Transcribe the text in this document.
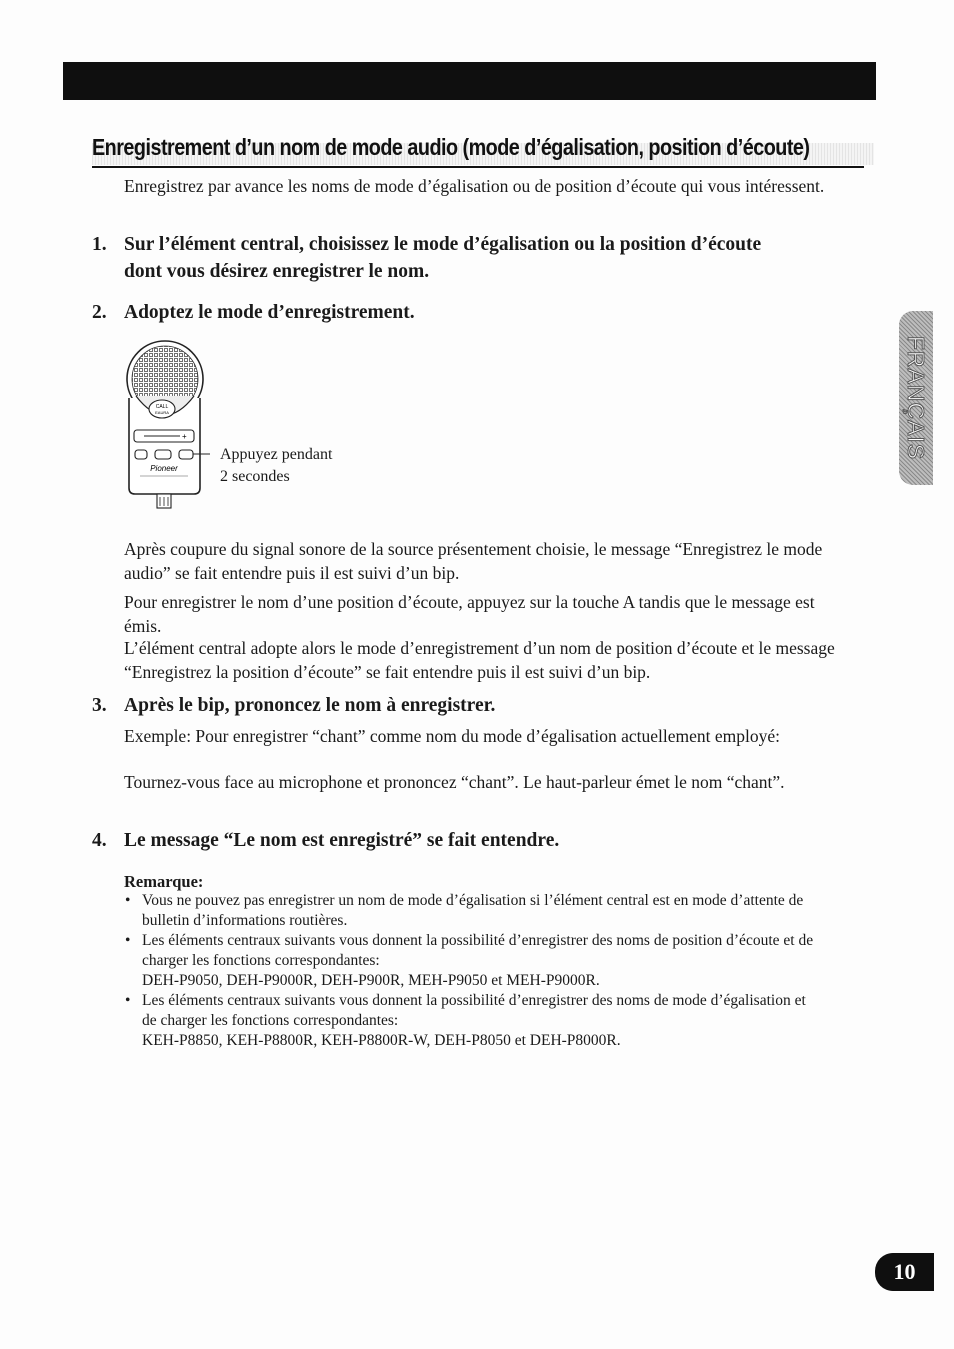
Enregistrement d’un nom de mode audio (mode d’égalisation, position d’écoute)
Enregistrez par avance les noms de mode d’égalisation ou de position d’écoute qui vous intéressent.
1. Sur l’élément central, choisissez le mode d’égalisation ou la position d’écoute dont vous désirez enregistrer le nom.
2. Adoptez le mode d’enregistrement.
CALL
EAURA
+
Pioneer
Appuyez pendant
2 secondes
Après coupure du signal sonore de la source présentement choisie, le message “Enregistrez le mode audio” se fait entendre puis il est suivi d’un bip.
Pour enregistrer le nom d’une position d’écoute, appuyez sur la touche A tandis que le message est émis.
L’élément central adopte alors le mode d’enregistrement d’un nom de position d’écoute et le message “Enregistrez la position d’écoute” se fait entendre puis il est suivi d’un bip.
3. Après le bip, prononcez le nom à enregistrer.
Exemple: Pour enregistrer “chant” comme nom du mode d’égalisation actuellement employé:
Tournez-vous face au microphone et prononcez “chant”. Le haut-parleur émet le nom “chant”.
4. Le message “Le nom est enregistré” se fait entendre.
Remarque:
• Vous ne pouvez pas enregistrer un nom de mode d’égalisation si l’élément central est en mode d’attente de bulletin d’informations routières.
• Les éléments centraux suivants vous donnent la possibilité d’enregistrer des noms de position d’écoute et de charger les fonctions correspondantes:
DEH-P9050, DEH-P9000R, DEH-P900R, MEH-P9050 et MEH-P9000R.
• Les éléments centraux suivants vous donnent la possibilité d’enregistrer des noms de mode d’égalisation et de charger les fonctions correspondantes:
KEH-P8850, KEH-P8800R, KEH-P8800R-W, DEH-P8050 et DEH-P8000R.
FRANÇAIS
10
